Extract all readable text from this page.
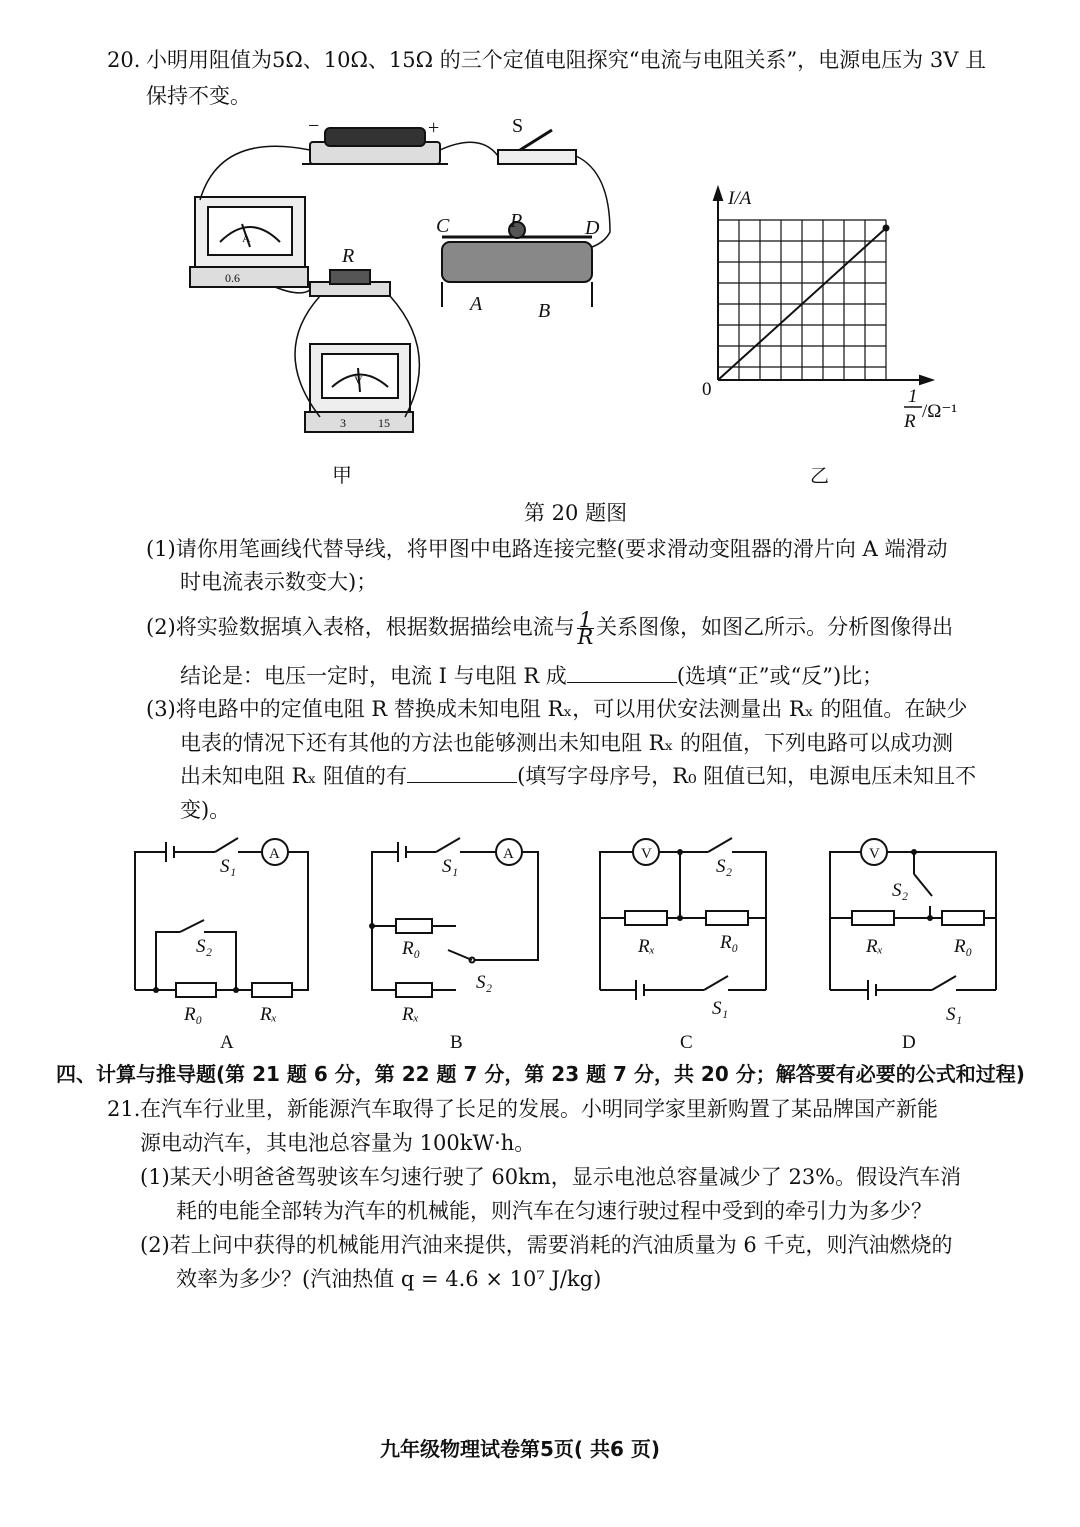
20. 小明用阻值为5Ω、10Ω、15Ω 的三个定值电阻探究“电流与电阻关系”，电源电压为 3V 且
保持不变。
−	+	S
R
C	P	D
A	B
A
0.6
V
3	15
甲
I/A
0	1
R /Ω⁻¹
乙
第 20 题图
(1)请你用笔画线代替导线，将甲图中电路连接完整(要求滑动变阻器的滑片向 A 端滑动
时电流表示数变大)；
(2)将实验数据填入表格，根据数据描绘电流与 $\frac{1}{R}$ 关系图像，如图乙所示。分析图像得出
结论是：电压一定时，电流 I 与电阻 R 成	(选填“正”或“反”)比；
(3)将电路中的定值电阻 R 替换成未知电阻 Rₓ，可以用伏安法测量出 Rₓ 的阻值。在缺少
电表的情况下还有其他的方法也能够测出未知电阻 Rₓ 的阻值，下列电路可以成功测
出未知电阻 Rₓ 阻值的有	(填写字母序号，R₀ 阻值已知，电源电压未知且不
变)。
A
S₁
S₂
R₀	Rₓ
A
A
S₁
S₂
R₀
Rₓ
B
V
S₂
Rₓ	R₀
S₁
C
V
S₂
Rₓ	R₀
S₁
D
四、计算与推导题(第 21 题 6 分，第 22 题 7 分，第 23 题 7 分，共 20 分；解答要有必要的公式和过程)
21. 在汽车行业里，新能源汽车取得了长足的发展。小明同学家里新购置了某品牌国产新能
源电动汽车，其电池总容量为 100kW·h。
(1)某天小明爸爸驾驶该车匀速行驶了 60km，显示电池总容量减少了 23%。假设汽车消
耗的电能全部转为汽车的机械能，则汽车在匀速行驶过程中受到的牵引力为多少？
(2)若上问中获得的机械能用汽油来提供，需要消耗的汽油质量为 6 千克，则汽油燃烧的
效率为多少？(汽油热值 q = 4.6 × 10⁷ J/kg)
九年级物理试卷第5页( 共6 页)
